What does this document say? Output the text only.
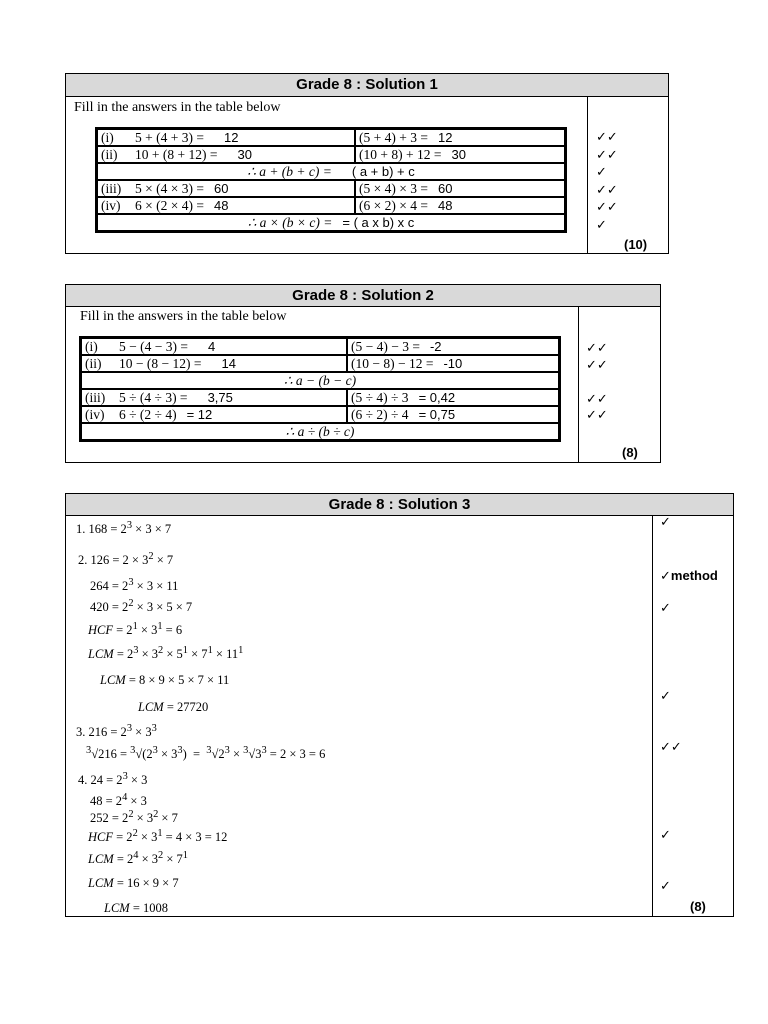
Grade 8 : Solution 1
Fill in the answers in the table below
(i) 5 + (4 + 3) = 12	(5 + 4) + 3 = 12
(ii) 10 + (8 + 12) = 30	(10 + 8) + 12 = 30
∴ a + (b + c) = ( a + b) + c	
(iii) 5 × (4 × 3) = 60	(5 × 4) × 3 = 60
(iv) 6 × (2 × 4) = 48	(6 × 2) × 4 = 48
∴ a × (b × c) = = ( a x b) x c	
✓✓
✓✓
✓
✓✓
✓✓
✓
(10)
Grade 8 : Solution 2
Fill in the answers in the table below
(i) 5 − (4 − 3) = 4	(5 − 4) − 3 = -2
(ii) 10 − (8 − 12) = 14	(10 − 8) − 12 = -10
∴ a − (b − c)	
(iii) 5 ÷ (4 ÷ 3) = 3,75	(5 ÷ 4) ÷ 3 = 0,42
(iv) 6 ÷ (2 ÷ 4) = 12	(6 ÷ 2) ÷ 4 = 0,75
∴ a ÷ (b ÷ c)	
✓✓
✓✓
✓✓
✓✓
(8)
Grade 8 : Solution 3
1. $168 = 2^3 \times 3 \times 7$
2. $126 = 2 \times 3^2 \times 7$
$264 = 2^3 \times 3 \times 11$
$420 = 2^2 \times 3 \times 5 \times 7$
HCF = $2^1 \times 3^1 = 6$
LCM = $2^3 \times 3^2 \times 5^1 \times 7^1 \times 11^1$
LCM = 8 × 9 × 5 × 7 × 11
LCM = 27720
3. $216 = 2^3 \times 3^3$
$^3√216 = ^3√(2^3 \times 3^3) = ^3√2^3 \times ^3√3^3 = 2 \times 3 = 6$
4. $24 = 2^3 \times 3$
$48 = 2^4 \times 3$
$252 = 2^2 \times 3^2 \times 7$
HCF = $2^2 \times 3^1 = 4 \times 3 = 12$
LCM = $2^4 \times 3^2 \times 7^1$
LCM = 16 × 9 × 7
LCM = 1008
✓
✓method
✓
✓
✓✓
✓
✓
(8)
